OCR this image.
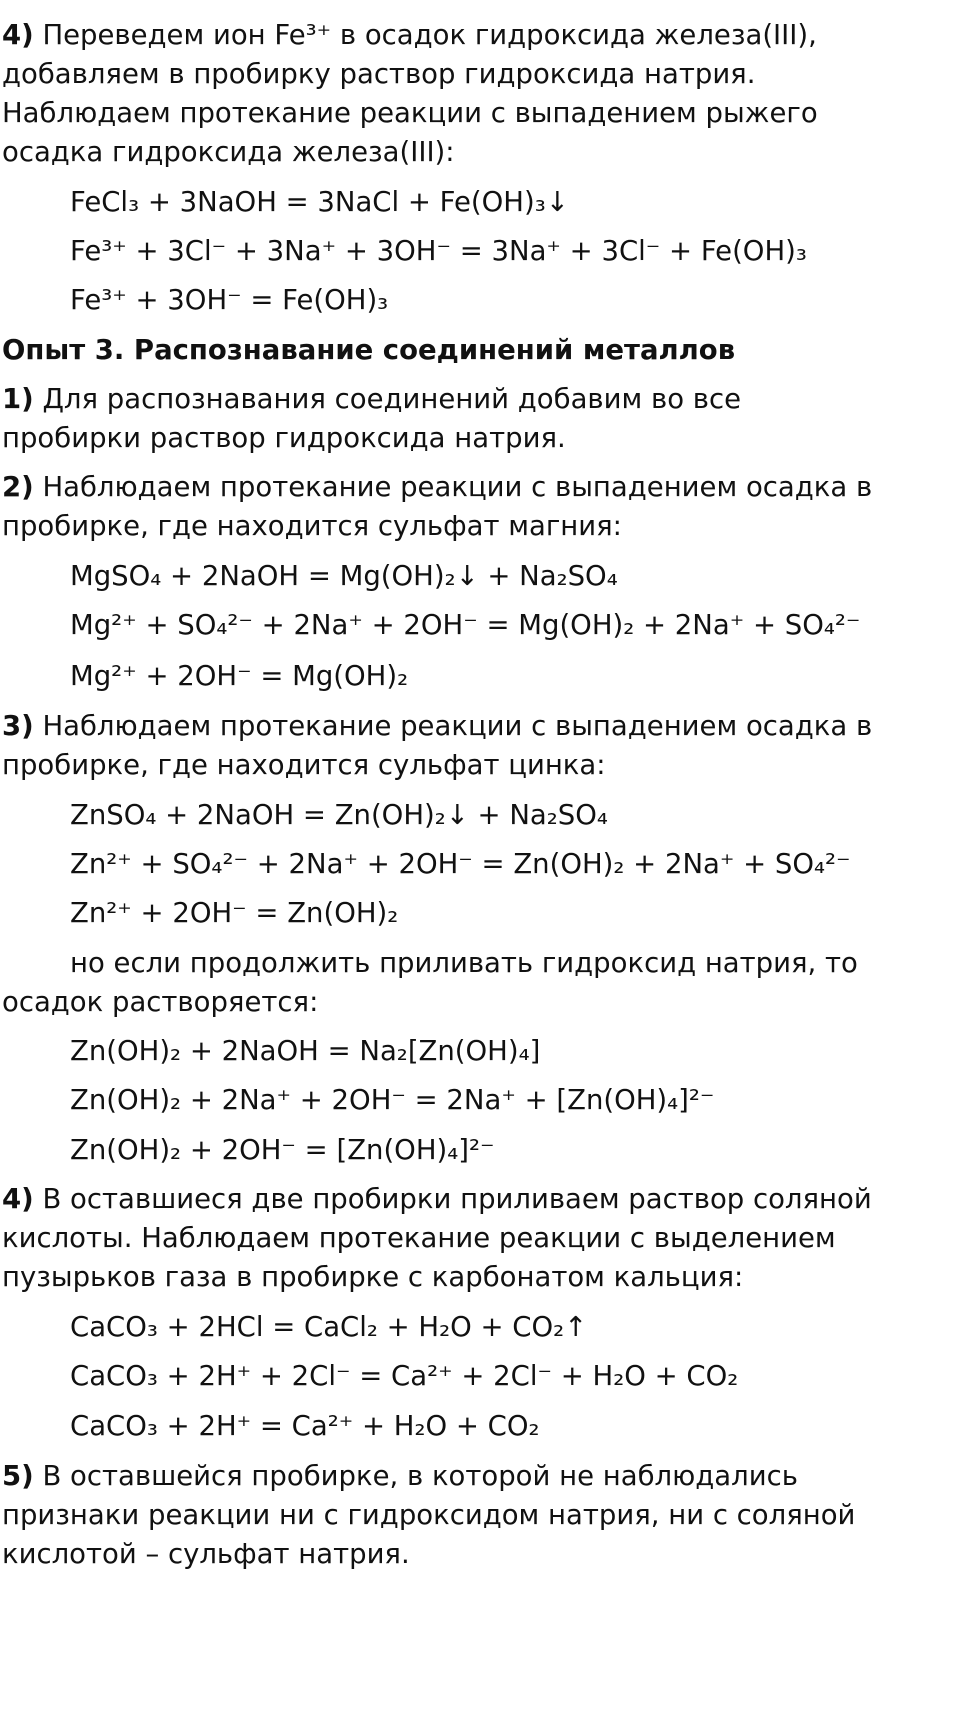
4) Переведем ион Fe³⁺ в осадок гидроксида железа(III),
добавляем в пробирку раствор гидроксида натрия.
Наблюдаем протекание реакции с выпадением рыжего
осадка гидроксида железа(III):
FeCl₃ + 3NaOH = 3NaCl + Fe(OH)₃↓
Fe³⁺ + 3Cl⁻ + 3Na⁺ + 3OH⁻ = 3Na⁺ + 3Cl⁻ + Fe(OH)₃
Fe³⁺ + 3OH⁻ = Fe(OH)₃
Опыт 3. Распознавание соединений металлов
1) Для распознавания соединений добавим во все
пробирки раствор гидроксида натрия.
2) Наблюдаем протекание реакции с выпадением осадка в
пробирке, где находится сульфат магния:
MgSO₄ + 2NaOH = Mg(OH)₂↓ + Na₂SO₄
Mg²⁺ + SO₄²⁻ + 2Na⁺ + 2OH⁻ = Mg(OH)₂ + 2Na⁺ + SO₄²⁻
Mg²⁺ + 2OH⁻ = Mg(OH)₂
3) Наблюдаем протекание реакции с выпадением осадка в
пробирке, где находится сульфат цинка:
ZnSO₄ + 2NaOH = Zn(OH)₂↓ + Na₂SO₄
Zn²⁺ + SO₄²⁻ + 2Na⁺ + 2OH⁻ = Zn(OH)₂ + 2Na⁺ + SO₄²⁻
Zn²⁺ + 2OH⁻ = Zn(OH)₂
но если продолжить приливать гидроксид натрия, то
осадок растворяется:
Zn(OH)₂ + 2NaOH = Na₂[Zn(OH)₄]
Zn(OH)₂ + 2Na⁺ + 2OH⁻ = 2Na⁺ + [Zn(OH)₄]²⁻
Zn(OH)₂ + 2OH⁻ = [Zn(OH)₄]²⁻
4) В оставшиеся две пробирки приливаем раствор соляной
кислоты. Наблюдаем протекание реакции с выделением
пузырьков газа в пробирке с карбонатом кальция:
CaCO₃ + 2HCl = CaCl₂ + H₂O + CO₂↑
CaCO₃ + 2H⁺ + 2Cl⁻ = Ca²⁺ + 2Cl⁻ + H₂O + CO₂
CaCO₃ + 2H⁺ = Ca²⁺ + H₂O + CO₂
5) В оставшейся пробирке, в которой не наблюдались
признаки реакции ни с гидроксидом натрия, ни с соляной
кислотой – сульфат натрия.
